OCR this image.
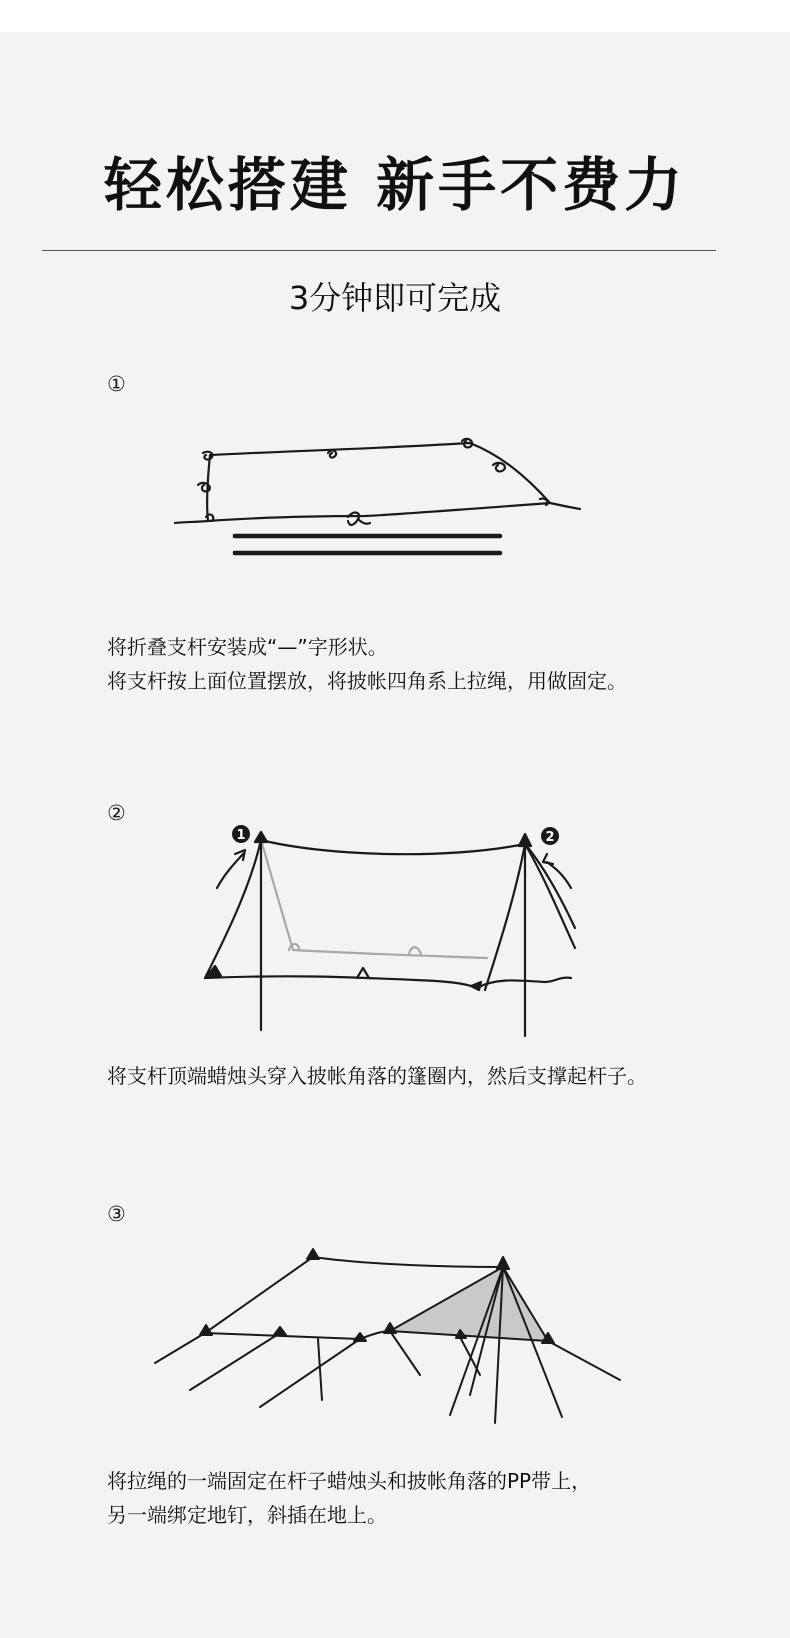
轻松搭建 新手不费力
3分钟即可完成
①

将折叠支杆安装成“—”字形状。

将支杆按上面位置摆放，将披帐四角系上拉绳，用做固定。

②
1	2

将支杆顶端蜡烛头穿入披帐角落的篷圈内，然后支撑起杆子。

③

将拉绳的一端固定在杆子蜡烛头和披帐角落的PP带上，

另一端绑定地钉，斜插在地上。
